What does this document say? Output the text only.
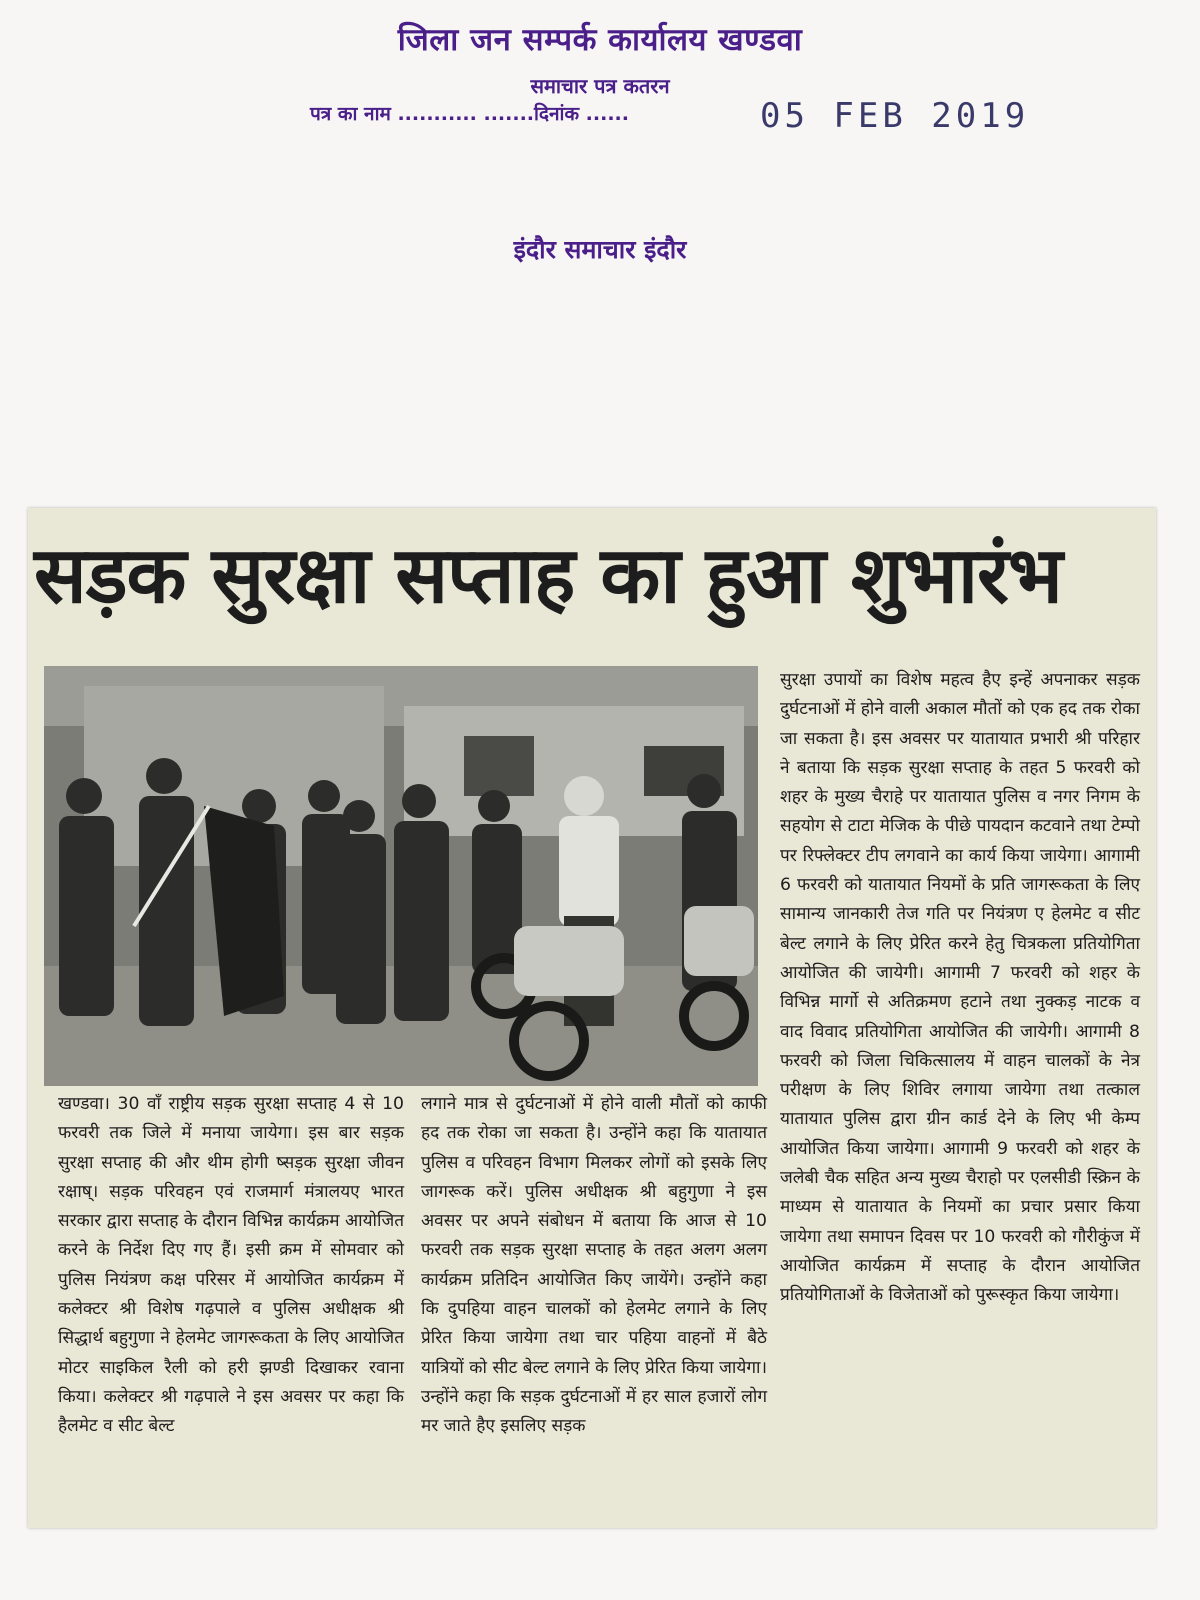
जिला जन सम्पर्क कार्यालय खण्डवा
समाचार पत्र कतरन
पत्र का नाम ........... .......दिनांक ......	05 FEB 2019
इंदौर समाचार इंदौर
सड़क सुरक्षा सप्ताह का हुआ शुभारंभ

खण्डवा। 30 वाँ राष्ट्रीय सड़क सुरक्षा सप्ताह 4 से 10 फरवरी तक जिले में मनाया जायेगा। इस बार सड़क सुरक्षा सप्ताह की और थीम होगी ष्सड़क सुरक्षा जीवन रक्षाष्। सड़क परिवहन एवं राजमार्ग मंत्रालयए भारत सरकार द्वारा सप्ताह के दौरान विभिन्न कार्यक्रम आयोजित करने के निर्देश दिए गए हैं। इसी क्रम में सोमवार को पुलिस नियंत्रण कक्ष परिसर में आयोजित कार्यक्रम में कलेक्टर श्री विशेष गढ़पाले व पुलिस अधीक्षक श्री सिद्धार्थ बहुगुणा ने हेलमेट जागरूकता के लिए आयोजित मोटर साइकिल रैली को हरी झण्डी दिखाकर रवाना किया। कलेक्टर श्री गढ़पाले ने इस अवसर पर कहा कि हैलमेट व सीट बेल्ट

लगाने मात्र से दुर्घटनाओं में होने वाली मौतों को काफी हद तक रोका जा सकता है। उन्होंने कहा कि यातायात पुलिस व परिवहन विभाग मिलकर लोगों को इसके लिए जागरूक करें। पुलिस अधीक्षक श्री बहुगुणा ने इस अवसर पर अपने संबोधन में बताया कि आज से 10 फरवरी तक सड़क सुरक्षा सप्ताह के तहत अलग अलग कार्यक्रम प्रतिदिन आयोजित किए जायेंगे। उन्होंने कहा कि दुपहिया वाहन चालकों को हेलमेट लगाने के लिए प्रेरित किया जायेगा तथा चार पहिया वाहनों में बैठे यात्रियों को सीट बेल्ट लगाने के लिए प्रेरित किया जायेगा। उन्होंने कहा कि सड़क दुर्घटनाओं में हर साल हजारों लोग मर जाते हैए इसलिए सड़क

सुरक्षा उपायों का विशेष महत्व हैए इन्हें अपनाकर सड़क दुर्घटनाओं में होने वाली अकाल मौतों को एक हद तक रोका जा सकता है। इस अवसर पर यातायात प्रभारी श्री परिहार ने बताया कि सड़क सुरक्षा सप्ताह के तहत 5 फरवरी को शहर के मुख्य चैराहे पर यातायात पुलिस व नगर निगम के सहयोग से टाटा मेजिक के पीछे पायदान कटवाने तथा टेम्पो पर रिफ्लेक्टर टीप लगवाने का कार्य किया जायेगा। आगामी 6 फरवरी को यातायात नियमों के प्रति जागरूकता के लिए सामान्य जानकारी तेज गति पर नियंत्रण ए हेलमेट व सीट बेल्ट लगाने के लिए प्रेरित करने हेतु चित्रकला प्रतियोगिता आयोजित की जायेगी। आगामी 7 फरवरी को शहर के विभिन्न मार्गो से अतिक्रमण हटाने तथा नुक्कड़ नाटक व वाद विवाद प्रतियोगिता आयोजित की जायेगी। आगामी 8 फरवरी को जिला चिकित्सालय में वाहन चालकों के नेत्र परीक्षण के लिए शिविर लगाया जायेगा तथा तत्काल यातायात पुलिस द्वारा ग्रीन कार्ड देने के लिए भी केम्प आयोजित किया जायेगा। आगामी 9 फरवरी को शहर के जलेबी चैक सहित अन्य मुख्य चैराहो पर एलसीडी स्क्रिन के माध्यम से यातायात के नियमों का प्रचार प्रसार किया जायेगा तथा समापन दिवस पर 10 फरवरी को गौरीकुंज में आयोजित कार्यक्रम में सप्ताह के दौरान आयोजित प्रतियोगिताओं के विजेताओं को पुरूस्कृत किया जायेगा।
